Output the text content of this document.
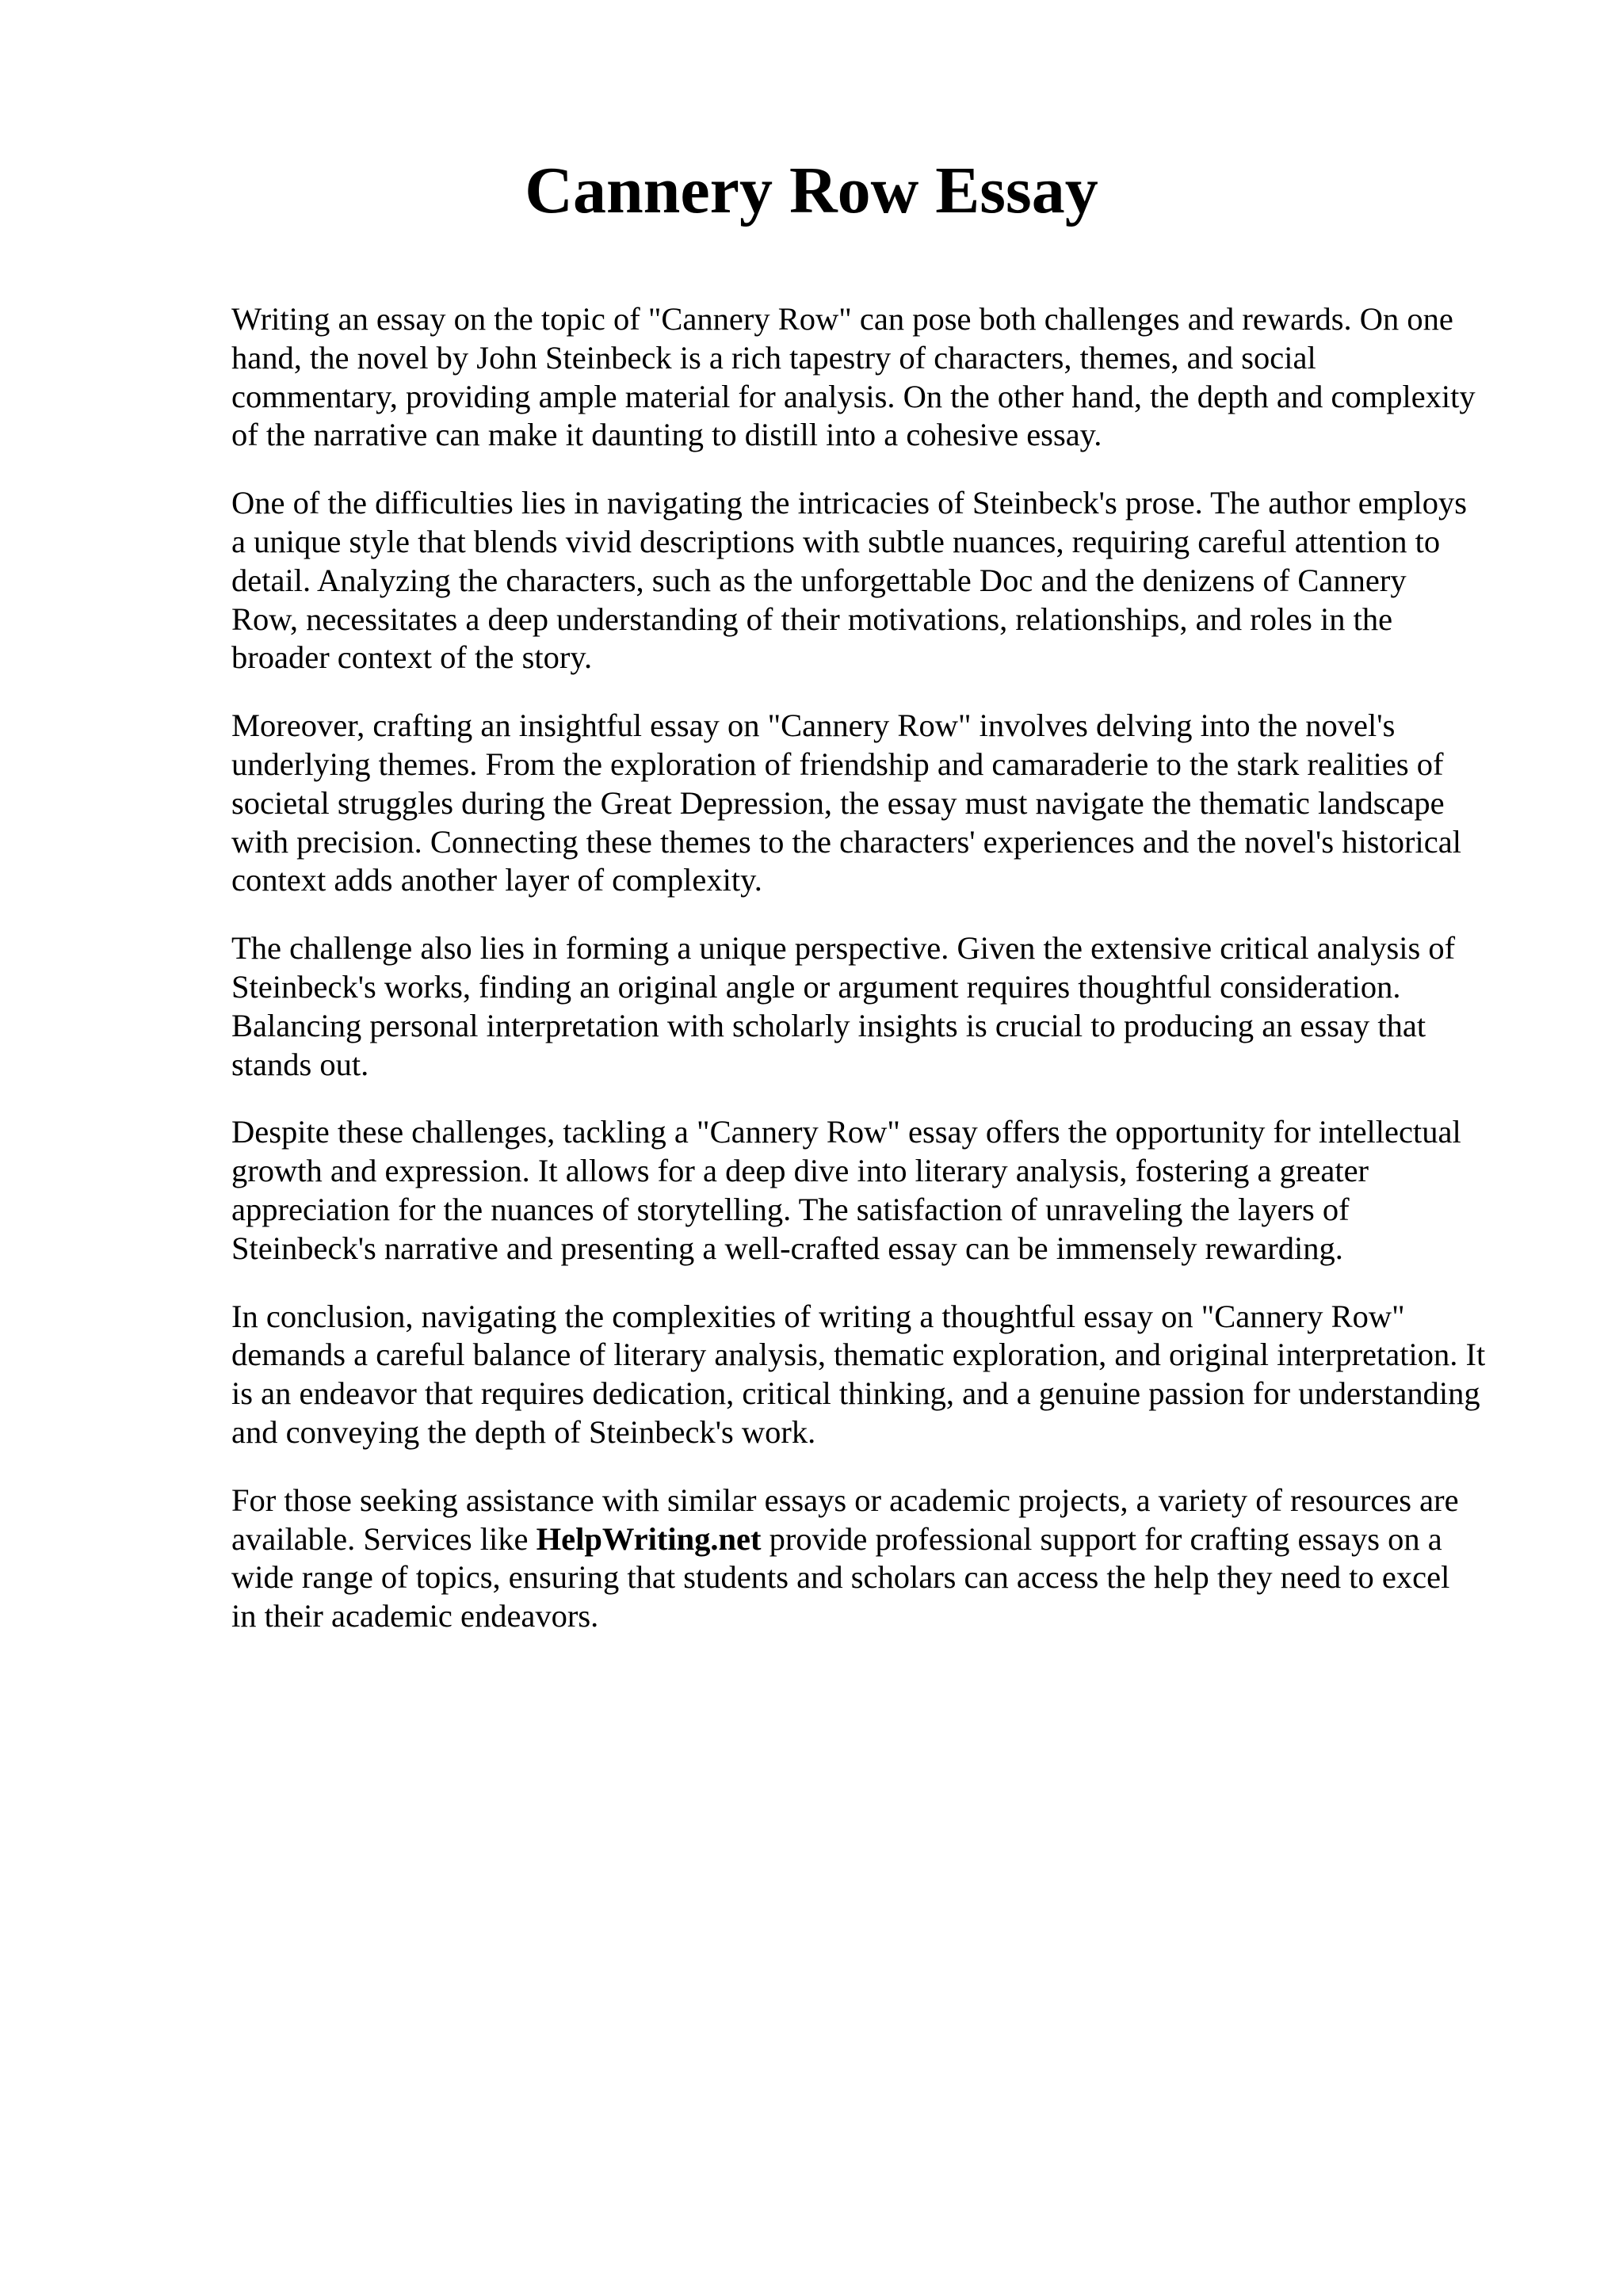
Cannery Row Essay

Writing an essay on the topic of "Cannery Row" can pose both challenges and rewards. On one
hand, the novel by John Steinbeck is a rich tapestry of characters, themes, and social
commentary, providing ample material for analysis. On the other hand, the depth and complexity
of the narrative can make it daunting to distill into a cohesive essay.

One of the difficulties lies in navigating the intricacies of Steinbeck's prose. The author employs
a unique style that blends vivid descriptions with subtle nuances, requiring careful attention to
detail. Analyzing the characters, such as the unforgettable Doc and the denizens of Cannery
Row, necessitates a deep understanding of their motivations, relationships, and roles in the
broader context of the story.

Moreover, crafting an insightful essay on "Cannery Row" involves delving into the novel's
underlying themes. From the exploration of friendship and camaraderie to the stark realities of
societal struggles during the Great Depression, the essay must navigate the thematic landscape
with precision. Connecting these themes to the characters' experiences and the novel's historical
context adds another layer of complexity.

The challenge also lies in forming a unique perspective. Given the extensive critical analysis of
Steinbeck's works, finding an original angle or argument requires thoughtful consideration.
Balancing personal interpretation with scholarly insights is crucial to producing an essay that
stands out.

Despite these challenges, tackling a "Cannery Row" essay offers the opportunity for intellectual
growth and expression. It allows for a deep dive into literary analysis, fostering a greater
appreciation for the nuances of storytelling. The satisfaction of unraveling the layers of
Steinbeck's narrative and presenting a well-crafted essay can be immensely rewarding.

In conclusion, navigating the complexities of writing a thoughtful essay on "Cannery Row"
demands a careful balance of literary analysis, thematic exploration, and original interpretation. It
is an endeavor that requires dedication, critical thinking, and a genuine passion for understanding
and conveying the depth of Steinbeck's work.

For those seeking assistance with similar essays or academic projects, a variety of resources are
available. Services like HelpWriting.net provide professional support for crafting essays on a
wide range of topics, ensuring that students and scholars can access the help they need to excel
in their academic endeavors.
